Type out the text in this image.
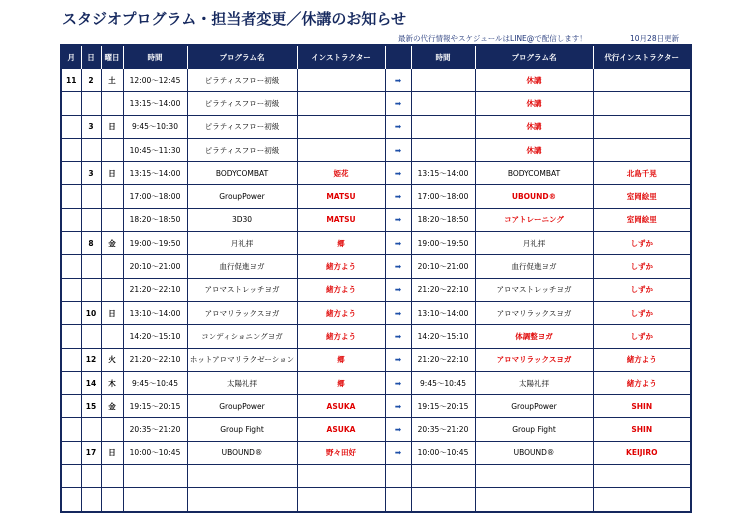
スタジオプログラム・担当者変更／休講のお知らせ
最新の代行情報やスケジュールはLINE@で配信します！	10月28日更新
月	日	曜日	時間	プログラム名	インストラクター		時間	プログラム名	代行インストラクター
11	2	土	12:00～12:45	ピラティスフロー初級		➡		休講	
			13:15～14:00	ピラティスフロー初級		➡		休講	
	3	日	9:45～10:30	ピラティスフロー初級		➡		休講	
			10:45～11:30	ピラティスフロー初級		➡		休講	
	3	日	13:15～14:00	BODYCOMBAT	姫花	➡	13:15～14:00	BODYCOMBAT	北島千晃
			17:00～18:00	GroupPower	MATSU	➡	17:00～18:00	UBOUND®	室岡絵里
			18:20～18:50	3D30	MATSU	➡	18:20～18:50	コアトレーニング	室岡絵里
	8	金	19:00～19:50	月礼拝	郷	➡	19:00～19:50	月礼拝	しずか
			20:10～21:00	血行促進ヨガ	緒方よう	➡	20:10～21:00	血行促進ヨガ	しずか
			21:20～22:10	アロマストレッチヨガ	緒方よう	➡	21:20～22:10	アロマストレッチヨガ	しずか
	10	日	13:10～14:00	アロマリラックスヨガ	緒方よう	➡	13:10～14:00	アロマリラックスヨガ	しずか
			14:20～15:10	コンディショニングヨガ	緒方よう	➡	14:20～15:10	体調整ヨガ	しずか
	12	火	21:20～22:10	ホットアロマリラクゼーション	郷	➡	21:20～22:10	アロマリラックスヨガ	緒方よう
	14	木	9:45～10:45	太陽礼拝	郷	➡	9:45～10:45	太陽礼拝	緒方よう
	15	金	19:15～20:15	GroupPower	ASUKA	➡	19:15～20:15	GroupPower	SHIN
			20:35～21:20	Group Fight	ASUKA	➡	20:35～21:20	Group Fight	SHIN
	17	日	10:00～10:45	UBOUND®	野々田好	➡	10:00～10:45	UBOUND®	KEIJIRO
